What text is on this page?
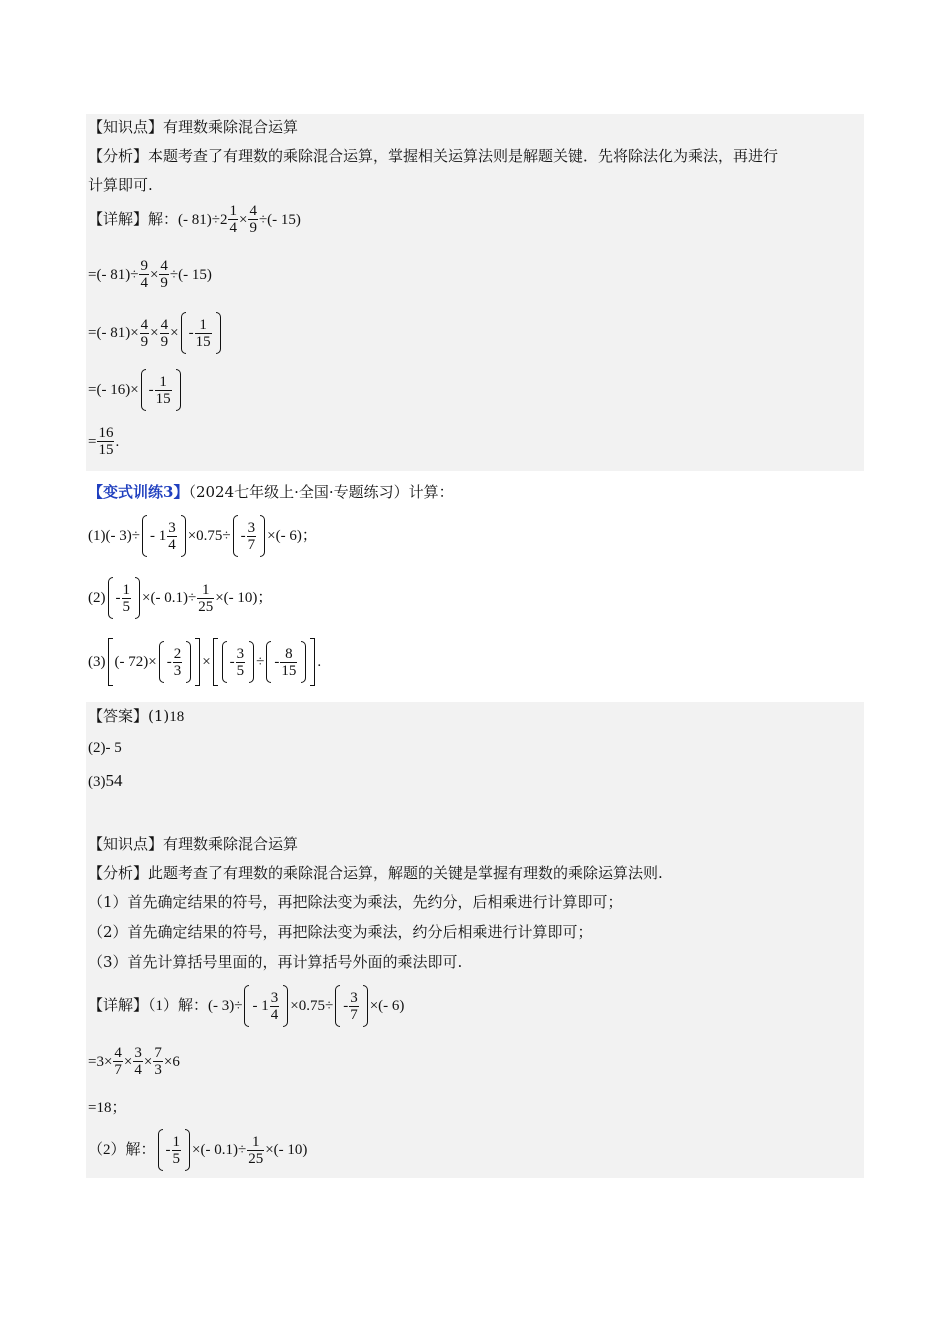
【知识点】有理数乘除混合运算
【分析】本题考查了有理数的乘除混合运算，掌握相关运算法则是解题关键．先将除法化为乘法，再进行
计算即可.
【详解】解：(- $81)\div 2 \frac{1}{4} \times \frac{4}{9}$ ÷(- 15)
=(- $81)\div \frac{9}{4} \times \frac{4}{9}$ ÷(- 15)
=(- $81)\times \frac{4}{9} \times \frac{4}{9}$ × - $\frac{1}{15}$
=(- $16)\times - \frac{1}{15}$
= $\frac{16}{15}$ .
【变式训练3】（2024七年级上·全国·专题练习）计算：
(1)(- $3)\div - 1 \frac{3}{4} \times 0.75\div - \frac{3}{7}$ ×(- 6)；
$(2) - \frac{1}{5}$ ×(- $0.1)\div \frac{1}{25}$ ×(- 10)；
(3) (- $72)\times - \frac{2}{3}$ × - $\frac{3}{5}$ ÷ - $\frac{8}{15}$ .
【答案】(1)18
(2)- 5
(3)54
【知识点】有理数乘除混合运算
【分析】此题考查了有理数的乘除混合运算，解题的关键是掌握有理数的乘除运算法则.
（1）首先确定结果的符号，再把除法变为乘法，先约分，后相乘进行计算即可；
（2）首先确定结果的符号，再把除法变为乘法，约分后相乘进行计算即可；
（3）首先计算括号里面的，再计算括号外面的乘法即可.
【详解】（1）解：(- $3)\div - 1 \frac{3}{4} \times 0.75\div - \frac{3}{7}$ ×(- 6)
$=3\times \frac{4}{7} \times \frac{3}{4} \times \frac{7}{3} \times 6$
=18；
（2）解： - $\frac{1}{5}$ ×(- $0.1)\div \frac{1}{25}$ ×(- 10)
